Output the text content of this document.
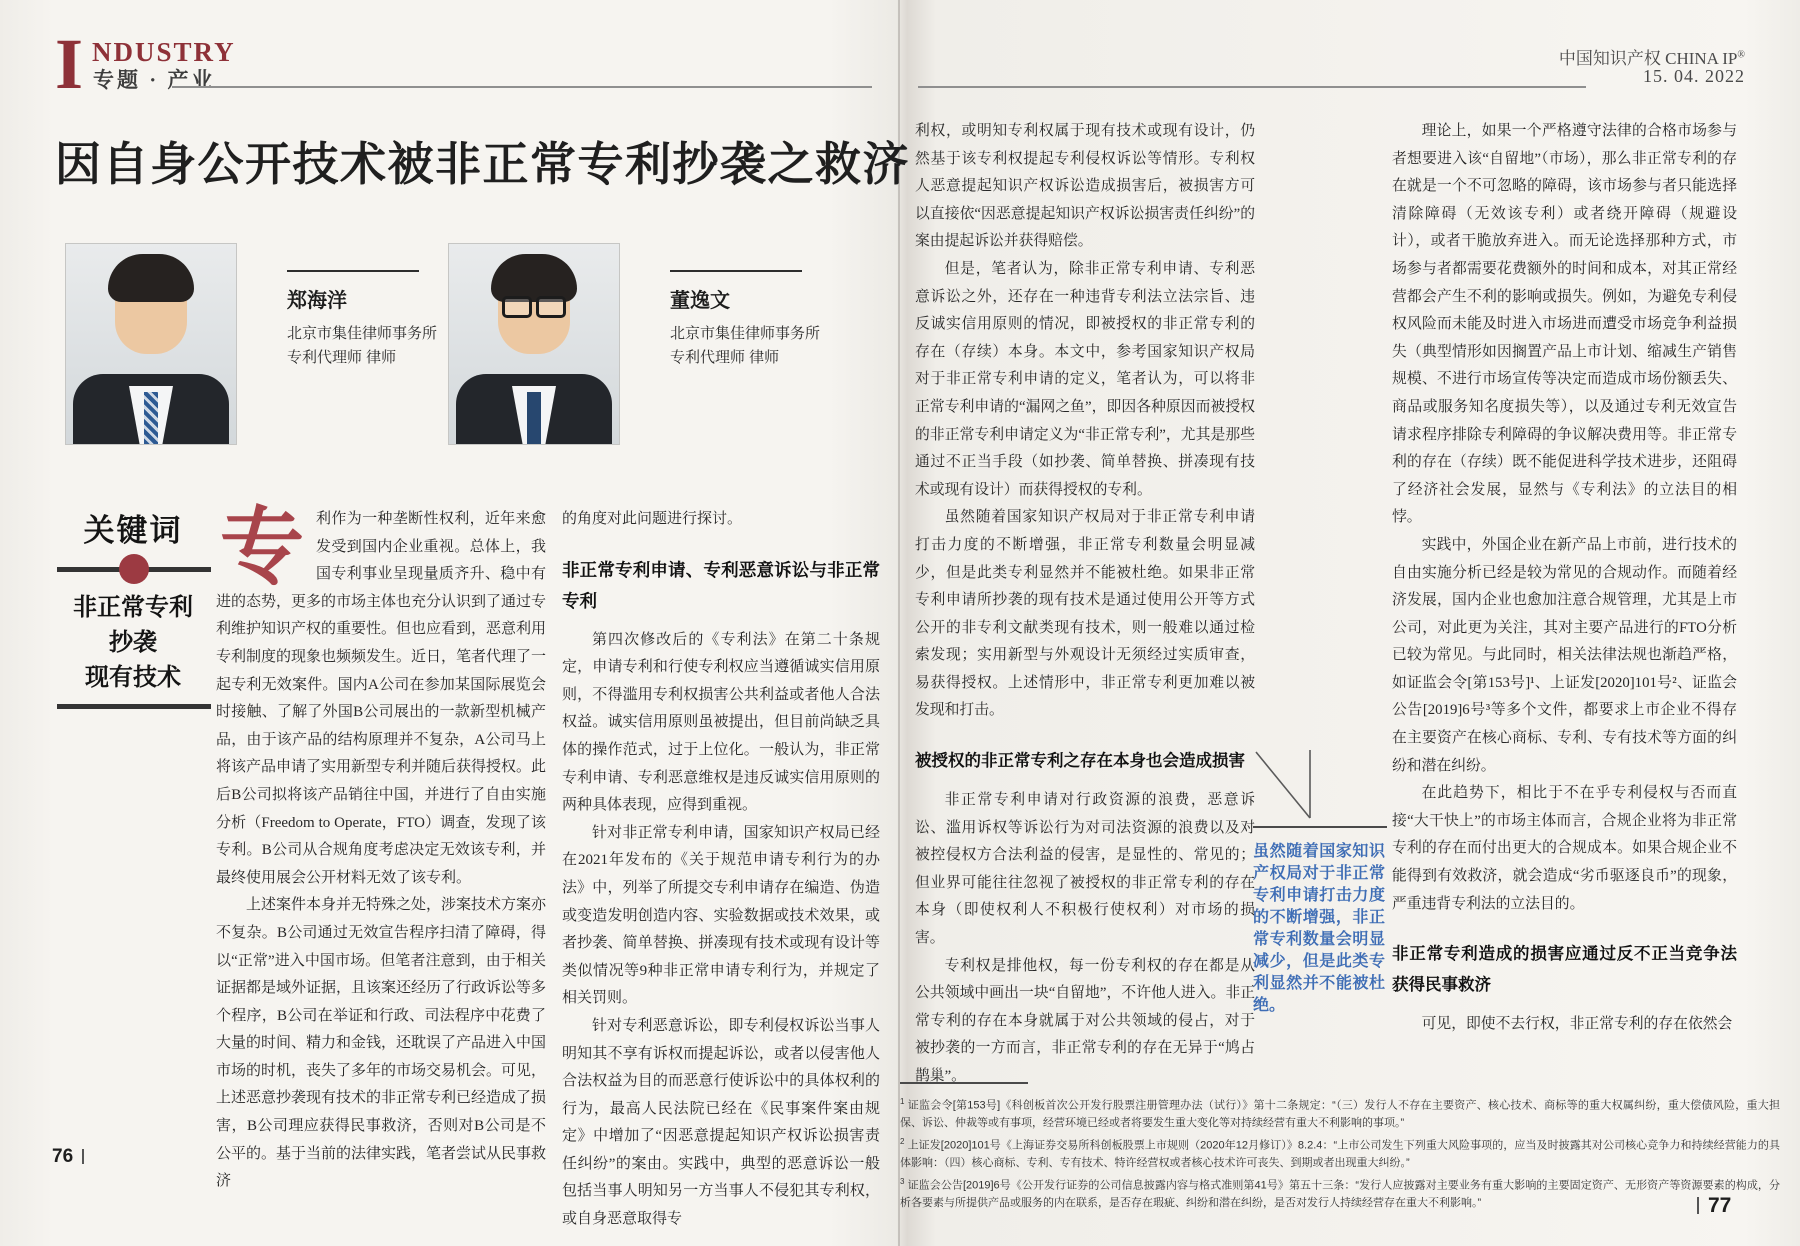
I NDUSTRY
专题 · 产业
因自身公开技术被非正常专利抄袭之救济
郑海洋
北京市集佳律师事务所
专利代理师 律师
董逸文
北京市集佳律师事务所
专利代理师 律师
关键词
非正常专利
抄袭
现有技术
专 利作为一种垄断性权利，近年来愈发受到国内企业重视。总体上，我国专利事业呈现量质齐升、稳中有进的态势，更多的市场主体也充分认识到了通过专利维护知识产权的重要性。但也应看到，恶意利用专利制度的现象也频频发生。近日，笔者代理了一起专利无效案件。国内A公司在参加某国际展览会时接触、了解了外国B公司展出的一款新型机械产品，由于该产品的结构原理并不复杂，A公司马上将该产品申请了实用新型专利并随后获得授权。此后B公司拟将该产品销往中国，并进行了自由实施分析（Freedom to Operate，FTO）调查，发现了该专利。B公司从合规角度考虑决定无效该专利，并最终使用展会公开材料无效了该专利。

上述案件本身并无特殊之处，涉案技术方案亦不复杂。B公司通过无效宣告程序扫清了障碍，得以“正常”进入中国市场。但笔者注意到，由于相关证据都是域外证据，且该案还经历了行政诉讼等多个程序，B公司在举证和行政、司法程序中花费了大量的时间、精力和金钱，还耽误了产品进入中国市场的时机，丧失了多年的市场交易机会。可见，上述恶意抄袭现有技术的非正常专利已经造成了损害，B公司理应获得民事救济，否则对B公司是不公平的。基于当前的法律实践，笔者尝试从民事救济

的角度对此问题进行探讨。

非正常专利申请、专利恶意诉讼与非正常专利

第四次修改后的《专利法》在第二十条规定，申请专利和行使专利权应当遵循诚实信用原则，不得滥用专利权损害公共利益或者他人合法权益。诚实信用原则虽被提出，但目前尚缺乏具体的操作范式，过于上位化。一般认为，非正常专利申请、专利恶意维权是违反诚实信用原则的两种具体表现，应得到重视。

针对非正常专利申请，国家知识产权局已经在2021年发布的《关于规范申请专利行为的办法》中，列举了所提交专利申请存在编造、伪造或变造发明创造内容、实验数据或技术效果，或者抄袭、简单替换、拼凑现有技术或现有设计等类似情况等9种非正常申请专利行为，并规定了相关罚则。

针对专利恶意诉讼，即专利侵权诉讼当事人明知其不享有诉权而提起诉讼，或者以侵害他人合法权益为目的而恶意行使诉讼中的具体权利的行为，最高人民法院已经在《民事案件案由规定》中增加了“因恶意提起知识产权诉讼损害责任纠纷”的案由。实践中，典型的恶意诉讼一般包括当事人明知另一方当事人不侵犯其专利权，或自身恶意取得专

76
中国知识产权 CHINA IP®
15. 04. 2022

利权，或明知专利权属于现有技术或现有设计，仍然基于该专利权提起专利侵权诉讼等情形。专利权人恶意提起知识产权诉讼造成损害后，被损害方可以直接依“因恶意提起知识产权诉讼损害责任纠纷”的案由提起诉讼并获得赔偿。

但是，笔者认为，除非正常专利申请、专利恶意诉讼之外，还存在一种违背专利法立法宗旨、违反诚实信用原则的情况，即被授权的非正常专利的存在（存续）本身。本文中，参考国家知识产权局对于非正常专利申请的定义，笔者认为，可以将非正常专利申请的“漏网之鱼”，即因各种原因而被授权的非正常专利申请定义为“非正常专利”，尤其是那些通过不正当手段（如抄袭、简单替换、拼凑现有技术或现有设计）而获得授权的专利。

虽然随着国家知识产权局对于非正常专利申请打击力度的不断增强，非正常专利数量会明显减少，但是此类专利显然并不能被杜绝。如果非正常专利申请所抄袭的现有技术是通过使用公开等方式公开的非专利文献类现有技术，则一般难以通过检索发现；实用新型与外观设计无须经过实质审查，易获得授权。上述情形中，非正常专利更加难以被发现和打击。

被授权的非正常专利之存在本身也会造成损害

非正常专利申请对行政资源的浪费，恶意诉讼、滥用诉权等诉讼行为对司法资源的浪费以及对被控侵权方合法利益的侵害，是显性的、常见的；但业界可能往往忽视了被授权的非正常专利的存在本身（即使权利人不积极行使权利）对市场的损害。

专利权是排他权，每一份专利权的存在都是从公共领域中画出一块“自留地”，不许他人进入。非正常专利的存在本身就属于对公共领域的侵占，对于被抄袭的一方而言，非正常专利的存在无异于“鸠占鹊巢”。

虽然随着国家知识产权局对于非正常专利申请打击力度的不断增强，非正常专利数量会明显减少，但是此类专利显然并不能被杜绝。

理论上，如果一个严格遵守法律的合格市场参与者想要进入该“自留地”（市场），那么非正常专利的存在就是一个不可忽略的障碍，该市场参与者只能选择清除障碍（无效该专利）或者绕开障碍（规避设计），或者干脆放弃进入。而无论选择那种方式，市场参与者都需要花费额外的时间和成本，对其正常经营都会产生不利的影响或损失。例如，为避免专利侵权风险而未能及时进入市场进而遭受市场竞争利益损失（典型情形如因搁置产品上市计划、缩减生产销售规模、不进行市场宣传等决定而造成市场份额丢失、商品或服务知名度损失等），以及通过专利无效宣告请求程序排除专利障碍的争议解决费用等。非正常专利的存在（存续）既不能促进科学技术进步，还阻碍了经济社会发展，显然与《专利法》的立法目的相悖。

实践中，外国企业在新产品上市前，进行技术的自由实施分析已经是较为常见的合规动作。而随着经济发展，国内企业也愈加注意合规管理，尤其是上市公司，对此更为关注，其对主要产品进行的FTO分析已较为常见。与此同时，相关法律法规也渐趋严格，如证监会令[第153号]¹、上证发[2020]101号²、证监会公告[2019]6号³等多个文件，都要求上市企业不得存在主要资产在核心商标、专利、专有技术等方面的纠纷和潜在纠纷。

在此趋势下，相比于不在乎专利侵权与否而直接“大干快上”的市场主体而言，合规企业将为非正常专利的存在而付出更大的合规成本。如果合规企业不能得到有效救济，就会造成“劣币驱逐良币”的现象，严重违背专利法的立法目的。

非正常专利造成的损害应通过反不正当竞争法获得民事救济

可见，即使不去行权，非正常专利的存在依然会

$^1$ 证监会令[第153号]《科创板首次公开发行股票注册管理办法（试行）》第十二条规定：“（三）发行人不存在主要资产、核心技术、商标等的重大权属纠纷，重大偿债风险，重大担保、诉讼、仲裁等或有事项，经营环境已经或者将要发生重大变化等对持续经营有重大不利影响的事项。”
$^2$ 上证发[2020]101号《上海证券交易所科创板股票上市规则（2020年12月修订）》8.2.4：“上市公司发生下列重大风险事项的，应当及时披露其对公司核心竞争力和持续经营能力的具体影响：（四）核心商标、专利、专有技术、特许经营权或者核心技术许可丧失、到期或者出现重大纠纷。”
$^3$ 证监会公告[2019]6号《公开发行证券的公司信息披露内容与格式准则第41号》第五十三条：“发行人应披露对主要业务有重大影响的主要固定资产、无形资产等资源要素的构成，分析各要素与所提供产品或服务的内在联系，是否存在瑕疵、纠纷和潜在纠纷，是否对发行人持续经营存在重大不利影响。”	77
